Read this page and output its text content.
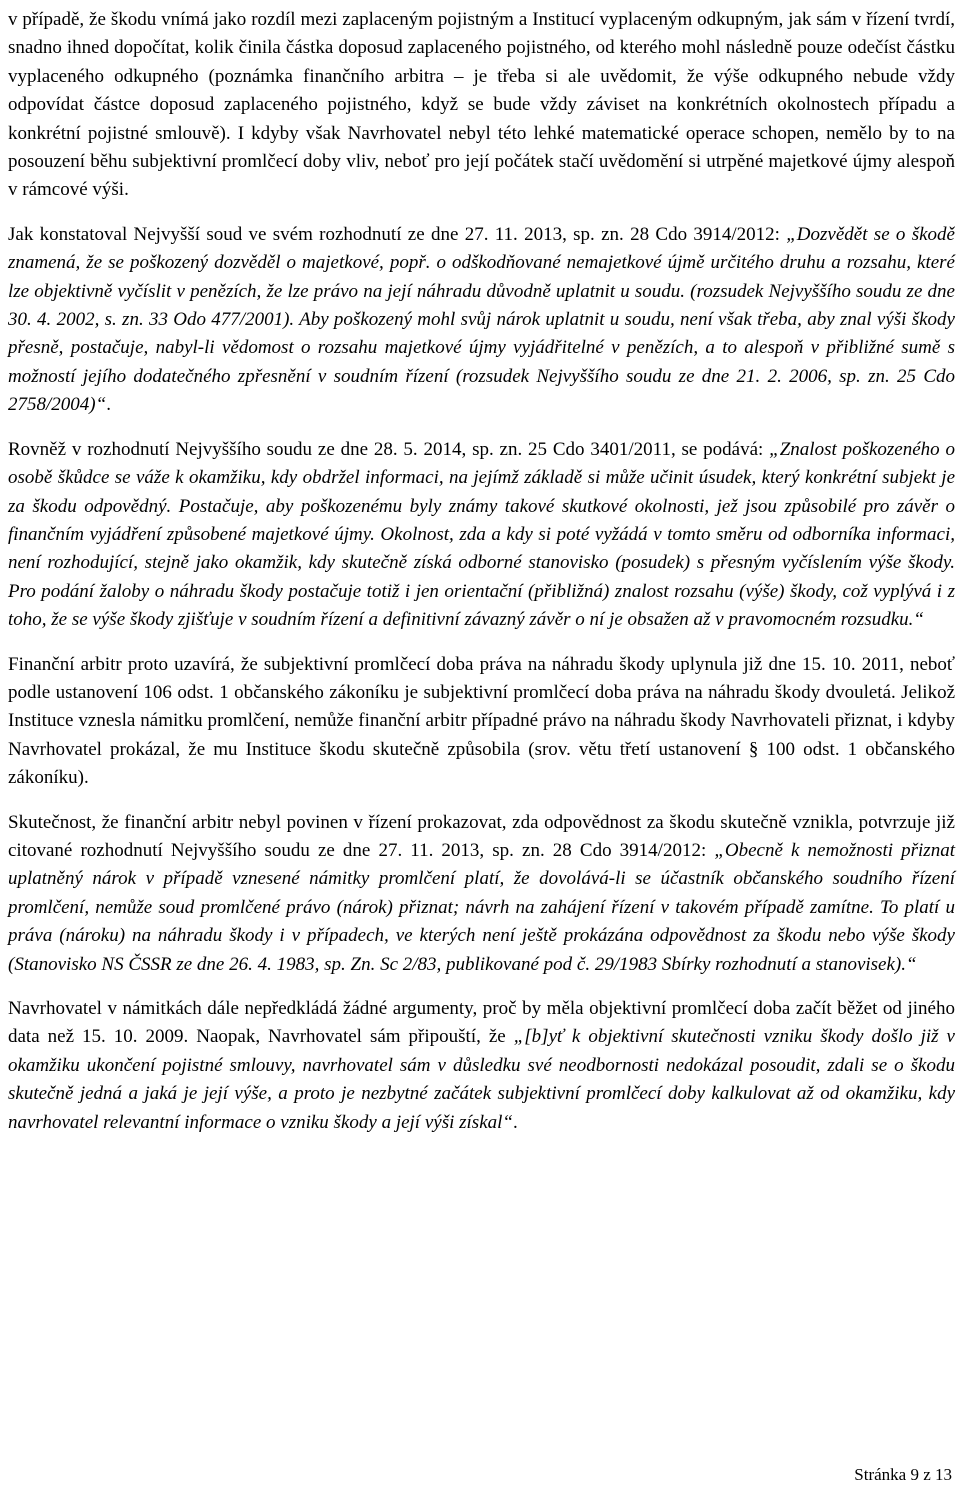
v případě, že škodu vnímá jako rozdíl mezi zaplaceným pojistným a Institucí vyplaceným odkupným, jak sám v řízení tvrdí, snadno ihned dopočítat, kolik činila částka doposud zaplaceného pojistného, od kterého mohl následně pouze odečíst částku vyplaceného odkupného (poznámka finančního arbitra – je třeba si ale uvědomit, že výše odkupného nebude vždy odpovídat částce doposud zaplaceného pojistného, když se bude vždy záviset na konkrétních okolnostech případu a konkrétní pojistné smlouvě). I kdyby však Navrhovatel nebyl této lehké matematické operace schopen, nemělo by to na posouzení běhu subjektivní promlčecí doby vliv, neboť pro její počátek stačí uvědomění si utrpěné majetkové újmy alespoň v rámcové výši.

Jak konstatoval Nejvyšší soud ve svém rozhodnutí ze dne 27. 11. 2013, sp. zn. 28 Cdo 3914/2012: „Dozvědět se o škodě znamená, že se poškozený dozvěděl o majetkové, popř. o odškodňované nemajetkové újmě určitého druhu a rozsahu, které lze objektivně vyčíslit v penězích, že lze právo na její náhradu důvodně uplatnit u soudu. (rozsudek Nejvyššího soudu ze dne 30. 4. 2002, s. zn. 33 Odo 477/2001). Aby poškozený mohl svůj nárok uplatnit u soudu, není však třeba, aby znal výši škody přesně, postačuje, nabyl-li vědomost o rozsahu majetkové újmy vyjádřitelné v penězích, a to alespoň v přibližné sumě s možností jejího dodatečného zpřesnění v soudním řízení (rozsudek Nejvyššího soudu ze dne 21. 2. 2006, sp. zn. 25 Cdo 2758/2004)“.

Rovněž v rozhodnutí Nejvyššího soudu ze dne 28. 5. 2014, sp. zn. 25 Cdo 3401/2011, se podává: „Znalost poškozeného o osobě škůdce se váže k okamžiku, kdy obdržel informaci, na jejímž základě si může učinit úsudek, který konkrétní subjekt je za škodu odpovědný. Postačuje, aby poškozenému byly známy takové skutkové okolnosti, jež jsou způsobilé pro závěr o finančním vyjádření způsobené majetkové újmy. Okolnost, zda a kdy si poté vyžádá v tomto směru od odborníka informaci, není rozhodující, stejně jako okamžik, kdy skutečně získá odborné stanovisko (posudek) s přesným vyčíslením výše škody. Pro podání žaloby o náhradu škody postačuje totiž i jen orientační (přibližná) znalost rozsahu (výše) škody, což vyplývá i z toho, že se výše škody zjišťuje v soudním řízení a definitivní závazný závěr o ní je obsažen až v pravomocném rozsudku.“

Finanční arbitr proto uzavírá, že subjektivní promlčecí doba práva na náhradu škody uplynula již dne 15. 10. 2011, neboť podle ustanovení 106 odst. 1 občanského zákoníku je subjektivní promlčecí doba práva na náhradu škody dvouletá. Jelikož Instituce vznesla námitku promlčení, nemůže finanční arbitr případné právo na náhradu škody Navrhovateli přiznat, i kdyby Navrhovatel prokázal, že mu Instituce škodu skutečně způsobila (srov. větu třetí ustanovení § 100 odst. 1 občanského zákoníku).

Skutečnost, že finanční arbitr nebyl povinen v řízení prokazovat, zda odpovědnost za škodu skutečně vznikla, potvrzuje již citované rozhodnutí Nejvyššího soudu ze dne 27. 11. 2013, sp. zn. 28 Cdo 3914/2012: „Obecně k nemožnosti přiznat uplatněný nárok v případě vznesené námitky promlčení platí, že dovolává-li se účastník občanského soudního řízení promlčení, nemůže soud promlčené právo (nárok) přiznat; návrh na zahájení řízení v takovém případě zamítne. To platí u práva (nároku) na náhradu škody i v případech, ve kterých není ještě prokázána odpovědnost za škodu nebo výše škody (Stanovisko NS ČSSR ze dne 26. 4. 1983, sp. Zn. Sc 2/83, publikované pod č. 29/1983 Sbírky rozhodnutí a stanovisek).“

Navrhovatel v námitkách dále nepředkládá žádné argumenty, proč by měla objektivní promlčecí doba začít běžet od jiného data než 15. 10. 2009. Naopak, Navrhovatel sám připouští, že „[b]yť k objektivní skutečnosti vzniku škody došlo již v okamžiku ukončení pojistné smlouvy, navrhovatel sám v důsledku své neodbornosti nedokázal posoudit, zdali se o škodu skutečně jedná a jaká je její výše, a proto je nezbytné začátek subjektivní promlčecí doby kalkulovat až od okamžiku, kdy navrhovatel relevantní informace o vzniku škody a její výši získal“.

Stránka 9 z 13
